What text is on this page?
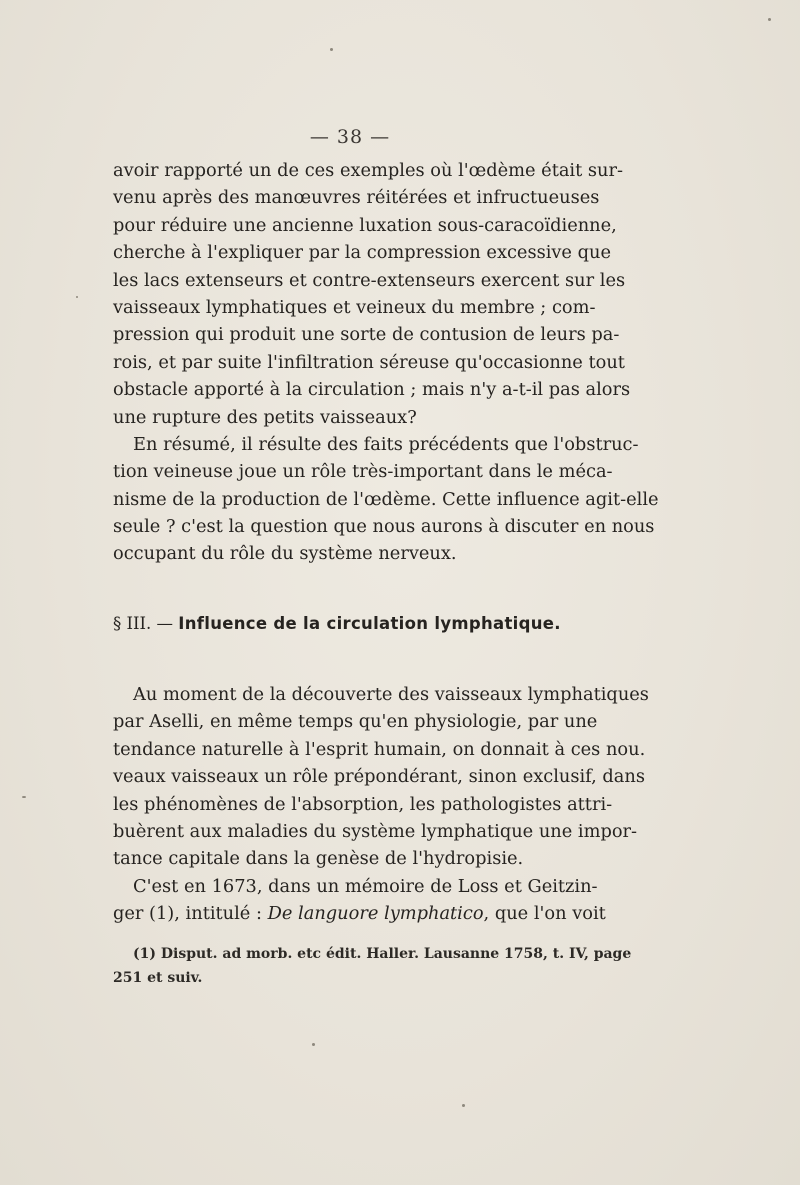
— 38 —
avoir rapporté un de ces exemples où l'œdème était sur-
venu après des manœuvres réitérées et infructueuses
pour réduire une ancienne luxation sous-caracoïdienne,
cherche à l'expliquer par la compression excessive que
les lacs extenseurs et contre-extenseurs exercent sur les
vaisseaux lymphatiques et veineux du membre ; com-
pression qui produit une sorte de contusion de leurs pa-
rois, et par suite l'infiltration séreuse qu'occasionne tout
obstacle apporté à la circulation ; mais n'y a-t-il pas alors
une rupture des petits vaisseaux?
En résumé, il résulte des faits précédents que l'obstruc-
tion veineuse joue un rôle très-important dans le méca-
nisme de la production de l'œdème. Cette influence agit-elle
seule ? c'est la question que nous aurons à discuter en nous
occupant du rôle du système nerveux.
§ III. — Influence de la circulation lymphatique.
Au moment de la découverte des vaisseaux lymphatiques
par Aselli, en même temps qu'en physiologie, par une
tendance naturelle à l'esprit humain, on donnait à ces nou.
veaux vaisseaux un rôle prépondérant, sinon exclusif, dans
les phénomènes de l'absorption, les pathologistes attri-
buèrent aux maladies du système lymphatique une impor-
tance capitale dans la genèse de l'hydropisie.
C'est en 1673, dans un mémoire de Loss et Geitzin-
ger (1), intitulé : De languore lymphatico, que l'on voit
(1) Disput. ad morb. etc édit. Haller. Lausanne 1758, t. IV, page
251 et suiv.
